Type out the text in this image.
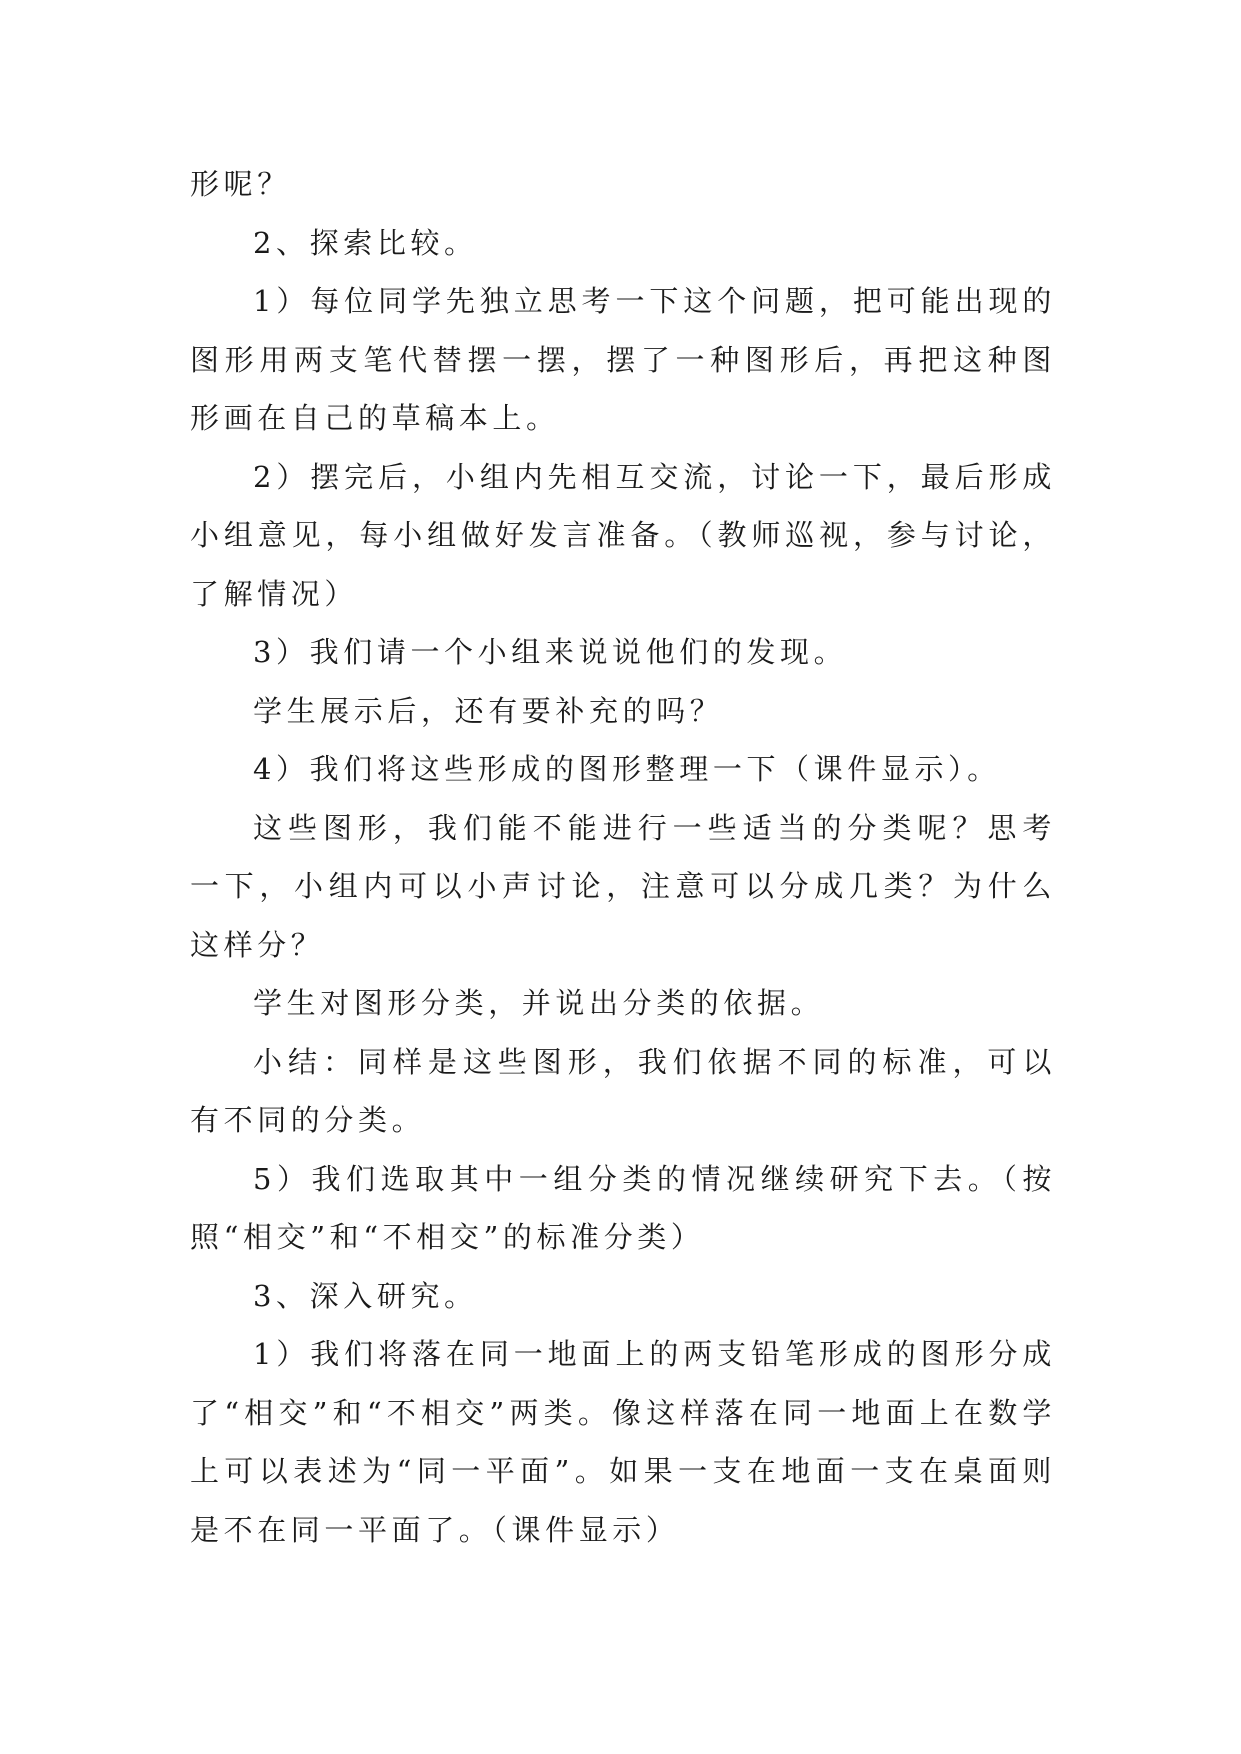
形呢？

2、探索比较。

1）每位同学先独立思考一下这个问题，把可能出现的图形用两支笔代替摆一摆，摆了一种图形后，再把这种图形画在自己的草稿本上。

2）摆完后，小组内先相互交流，讨论一下，最后形成小组意见，每小组做好发言准备。（教师巡视，参与讨论，了解情况）

3）我们请一个小组来说说他们的发现。

学生展示后，还有要补充的吗？

4）我们将这些形成的图形整理一下（课件显示）。

这些图形，我们能不能进行一些适当的分类呢？思考一下，小组内可以小声讨论，注意可以分成几类？为什么这样分？

学生对图形分类，并说出分类的依据。

小结：同样是这些图形，我们依据不同的标准，可以有不同的分类。

5）我们选取其中一组分类的情况继续研究下去。（按照“相交”和“不相交”的标准分类）

3、深入研究。

1）我们将落在同一地面上的两支铅笔形成的图形分成了“相交”和“不相交”两类。像这样落在同一地面上在数学上可以表述为“同一平面”。如果一支在地面一支在桌面则是不在同一平面了。（课件显示）
